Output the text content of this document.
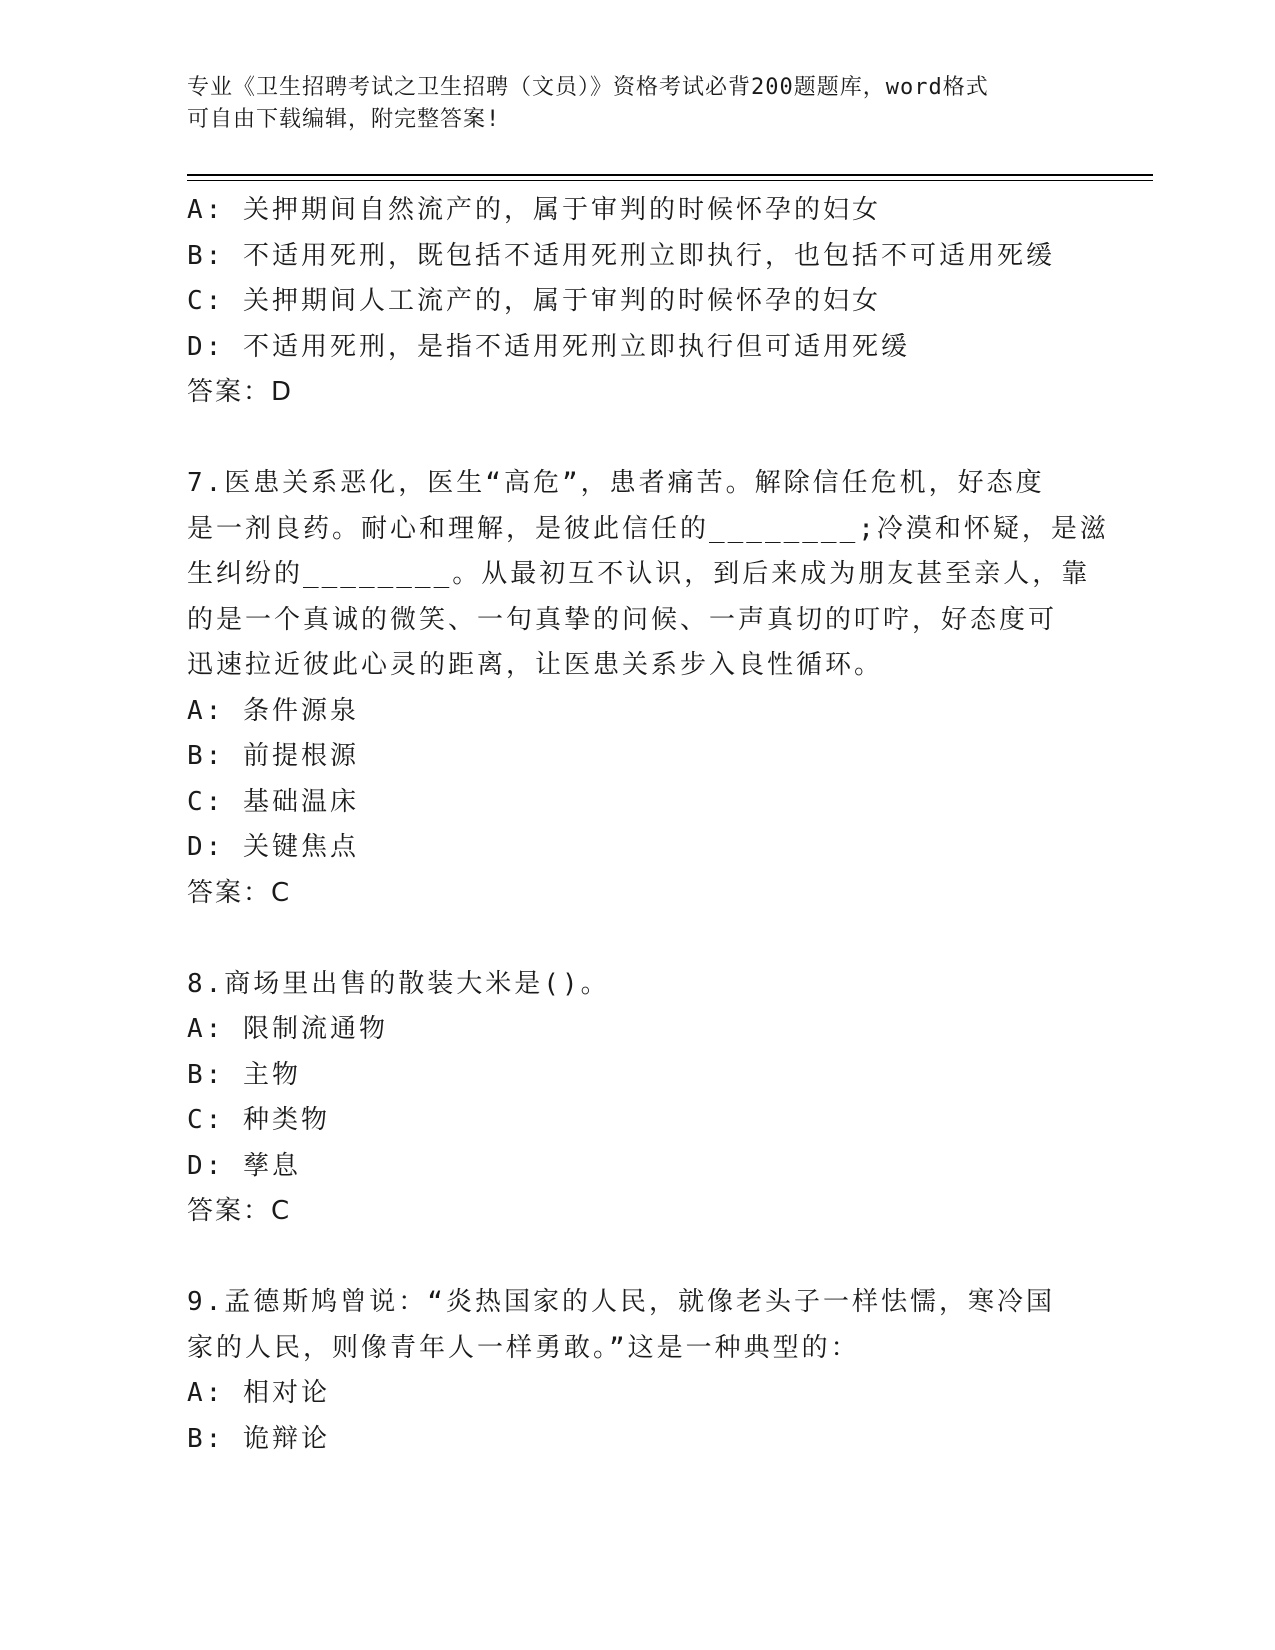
专业《卫生招聘考试之卫生招聘（文员）》资格考试必背200题题库，word格式
可自由下载编辑，附完整答案!
A: 关押期间自然流产的，属于审判的时候怀孕的妇女
B: 不适用死刑，既包括不适用死刑立即执行，也包括不可适用死缓
C: 关押期间人工流产的，属于审判的时候怀孕的妇女
D: 不适用死刑，是指不适用死刑立即执行但可适用死缓
答案：D
7.医患关系恶化，医生“高危”，患者痛苦。解除信任危机，好态度
是一剂良药。耐心和理解，是彼此信任的________;冷漠和怀疑，是滋
生纠纷的________。从最初互不认识，到后来成为朋友甚至亲人，靠
的是一个真诚的微笑、一句真挚的问候、一声真切的叮咛，好态度可
迅速拉近彼此心灵的距离，让医患关系步入良性循环。
A: 条件源泉
B: 前提根源
C: 基础温床
D: 关键焦点
答案：C
8.商场里出售的散装大米是()。
A: 限制流通物
B: 主物
C: 种类物
D: 孳息
答案：C
9.孟德斯鸠曾说：“炎热国家的人民，就像老头子一样怯懦，寒冷国
家的人民，则像青年人一样勇敢。”这是一种典型的：
A: 相对论
B: 诡辩论
